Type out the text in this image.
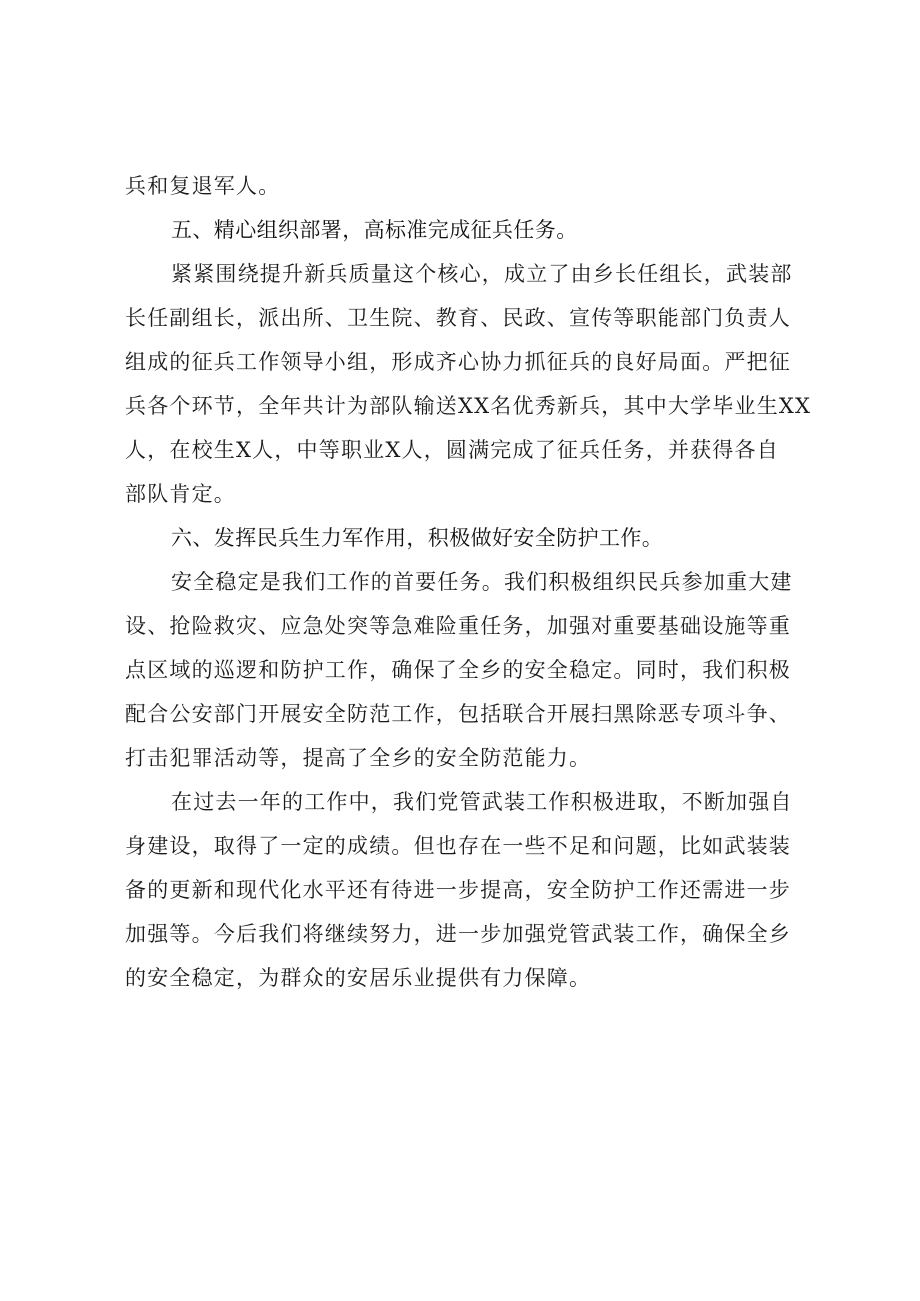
兵和复退军人。

五、精心组织部署，高标准完成征兵任务。

紧紧围绕提升新兵质量这个核心，成立了由乡长任组长，武装部
长任副组长，派出所、卫生院、教育、民政、宣传等职能部门负责人
组成的征兵工作领导小组，形成齐心协力抓征兵的良好局面。严把征
兵各个环节，全年共计为部队输送XX名优秀新兵，其中大学毕业生XX
人，在校生X人，中等职业X人，圆满完成了征兵任务，并获得各自
部队肯定。

六、发挥民兵生力军作用，积极做好安全防护工作。

安全稳定是我们工作的首要任务。我们积极组织民兵参加重大建
设、抢险救灾、应急处突等急难险重任务，加强对重要基础设施等重
点区域的巡逻和防护工作，确保了全乡的安全稳定。同时，我们积极
配合公安部门开展安全防范工作，包括联合开展扫黑除恶专项斗争、
打击犯罪活动等，提高了全乡的安全防范能力。

在过去一年的工作中，我们党管武装工作积极进取，不断加强自
身建设，取得了一定的成绩。但也存在一些不足和问题，比如武装装
备的更新和现代化水平还有待进一步提高，安全防护工作还需进一步
加强等。今后我们将继续努力，进一步加强党管武装工作，确保全乡
的安全稳定，为群众的安居乐业提供有力保障。
